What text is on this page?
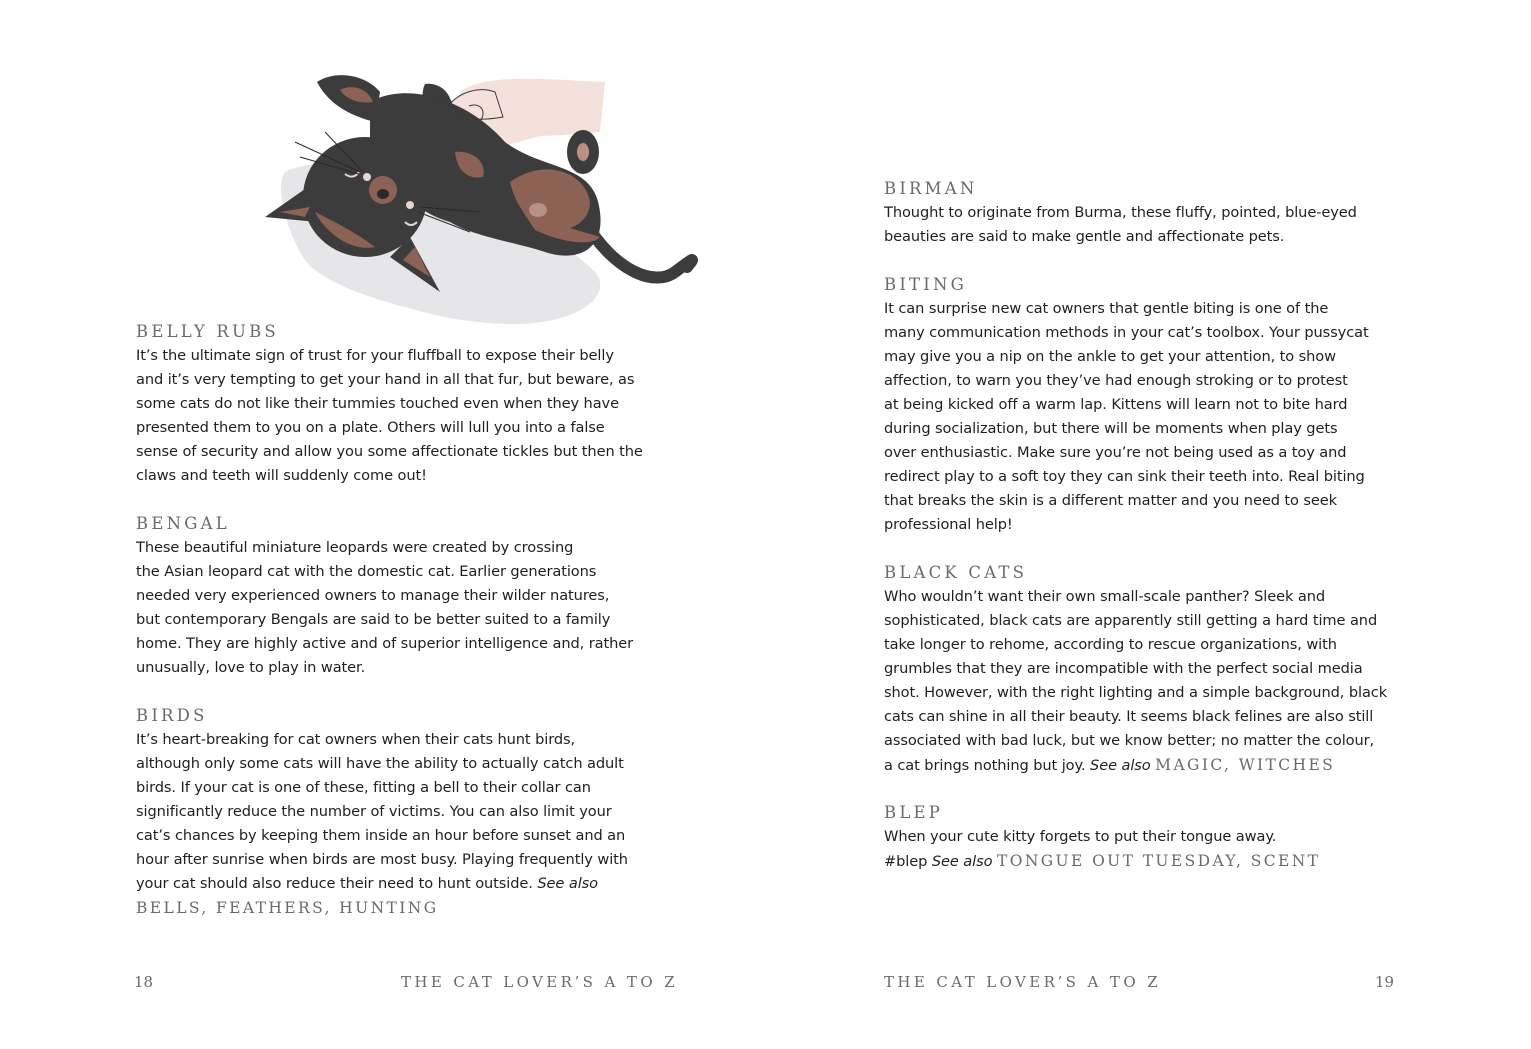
BELLY RUBS
It’s the ultimate sign of trust for your fluffball to expose their belly
and it’s very tempting to get your hand in all that fur, but beware, as
some cats do not like their tummies touched even when they have
presented them to you on a plate. Others will lull you into a false
sense of security and allow you some affectionate tickles but then the
claws and teeth will suddenly come out!
BENGAL
These beautiful miniature leopards were created by crossing
the Asian leopard cat with the domestic cat. Earlier generations
needed very experienced owners to manage their wilder natures,
but contemporary Bengals are said to be better suited to a family
home. They are highly active and of superior intelligence and, rather
unusually, love to play in water.
BIRDS
It’s heart-breaking for cat owners when their cats hunt birds,
although only some cats will have the ability to actually catch adult
birds. If your cat is one of these, fitting a bell to their collar can
significantly reduce the number of victims. You can also limit your
cat’s chances by keeping them inside an hour before sunset and an
hour after sunrise when birds are most busy. Playing frequently with
your cat should also reduce their need to hunt outside. See also
BELLS, FEATHERS, HUNTING
18	THE CAT LOVER’S A TO Z
BIRMAN
Thought to originate from Burma, these fluffy, pointed, blue-eyed
beauties are said to make gentle and affectionate pets.
BITING
It can surprise new cat owners that gentle biting is one of the
many communication methods in your cat’s toolbox. Your pussycat
may give you a nip on the ankle to get your attention, to show
affection, to warn you they’ve had enough stroking or to protest
at being kicked off a warm lap. Kittens will learn not to bite hard
during socialization, but there will be moments when play gets
over enthusiastic. Make sure you’re not being used as a toy and
redirect play to a soft toy they can sink their teeth into. Real biting
that breaks the skin is a different matter and you need to seek
professional help!
BLACK CATS
Who wouldn’t want their own small-scale panther? Sleek and
sophisticated, black cats are apparently still getting a hard time and
take longer to rehome, according to rescue organizations, with
grumbles that they are incompatible with the perfect social media
shot. However, with the right lighting and a simple background, black
cats can shine in all their beauty. It seems black felines are also still
associated with bad luck, but we know better; no matter the colour,
a cat brings nothing but joy. See also MAGIC, WITCHES
BLEP
When your cute kitty forgets to put their tongue away.
#blep See also TONGUE OUT TUESDAY, SCENT
THE CAT LOVER’S A TO Z	19
